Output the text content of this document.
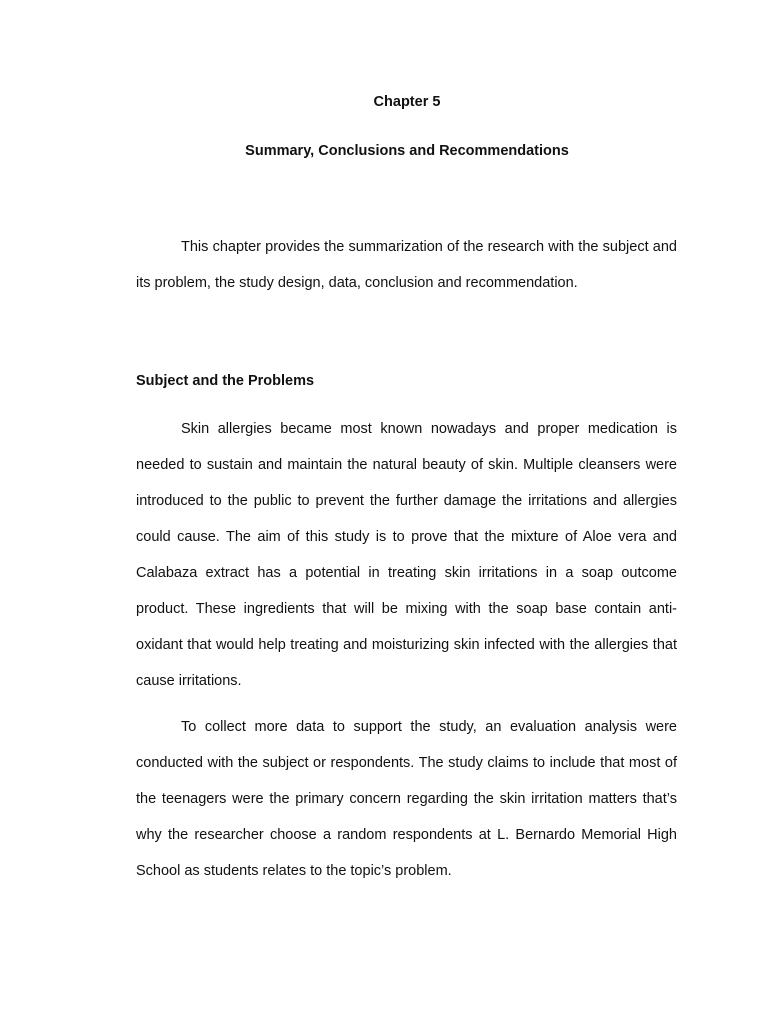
Chapter 5
Summary, Conclusions and Recommendations

This chapter provides the summarization of the research with the subject and its problem, the study design, data, conclusion and recommendation.

Subject and the Problems

Skin allergies became most known nowadays and proper medication is needed to sustain and maintain the natural beauty of skin. Multiple cleansers were introduced to the public to prevent the further damage the irritations and allergies could cause. The aim of this study is to prove that the mixture of Aloe vera and Calabaza extract has a potential in treating skin irritations in a soap outcome product. These ingredients that will be mixing with the soap base contain anti-oxidant that would help treating and moisturizing skin infected with the allergies that cause irritations.

To collect more data to support the study, an evaluation analysis were conducted with the subject or respondents. The study claims to include that most of the teenagers were the primary concern regarding the skin irritation matters that’s why the researcher choose a random respondents at L. Bernardo Memorial High School as students relates to the topic’s problem.
